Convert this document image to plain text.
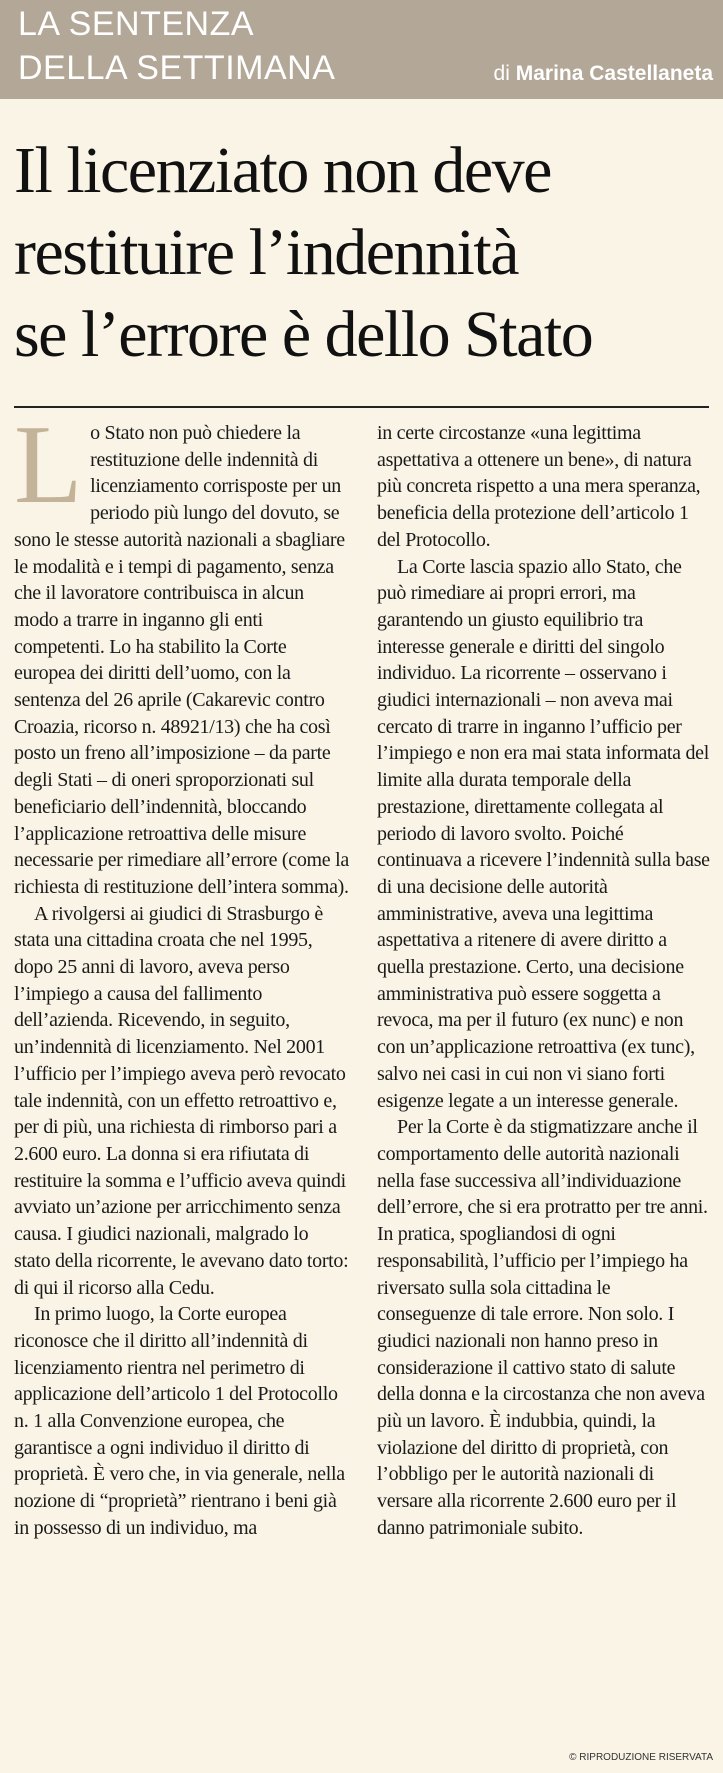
LA SENTENZA
DELLA SETTIMANA	di Marina Castellaneta
Il licenziato non deve
restituire l’indennità
se l’errore è dello Stato

Lo Stato non può chiedere la restituzione delle indennità di licenziamento corrisposte per un periodo più lungo del dovuto, se sono le stesse autorità nazionali a sbagliare le modalità e i tempi di pagamento, senza che il lavoratore contribuisca in alcun modo a trarre in inganno gli enti competenti. Lo ha stabilito la Corte europea dei diritti dell’uomo, con la sentenza del 26 aprile (Cakarevic contro Croazia, ricorso n. 48921/13) che ha così posto un freno all’imposizione – da parte degli Stati – di oneri sproporzionati sul beneficiario dell’indennità, bloccando l’applicazione retroattiva delle misure necessarie per rimediare all’errore (come la richiesta di restituzione dell’intera somma).

A rivolgersi ai giudici di Strasburgo è stata una cittadina croata che nel 1995, dopo 25 anni di lavoro, aveva perso l’impiego a causa del fallimento dell’azienda. Ricevendo, in seguito, un’indennità di licenziamento. Nel 2001 l’ufficio per l’impiego aveva però revocato tale indennità, con un effetto retroattivo e, per di più, una richiesta di rimborso pari a 2.600 euro. La donna si era rifiutata di restituire la somma e l’ufficio aveva quindi avviato un’azione per arricchimento senza causa. I giudici nazionali, malgrado lo stato della ricorrente, le avevano dato torto: di qui il ricorso alla Cedu.

In primo luogo, la Corte europea riconosce che il diritto all’indennità di licenziamento rientra nel perimetro di applicazione dell’articolo 1 del Protocollo n. 1 alla Convenzione europea, che garantisce a ogni individuo il diritto di proprietà. È vero che, in via generale, nella nozione di “proprietà” rientrano i beni già in possesso di un individuo, ma

in certe circostanze «una legittima aspettativa a ottenere un bene», di natura più concreta rispetto a una mera speranza, beneficia della protezione dell’articolo 1 del Protocollo.

La Corte lascia spazio allo Stato, che può rimediare ai propri errori, ma garantendo un giusto equilibrio tra interesse generale e diritti del singolo individuo. La ricorrente – osservano i giudici internazionali – non aveva mai cercato di trarre in inganno l’ufficio per l’impiego e non era mai stata informata del limite alla durata temporale della prestazione, direttamente collegata al periodo di lavoro svolto. Poiché continuava a ricevere l’indennità sulla base di una decisione delle autorità amministrative, aveva una legittima aspettativa a ritenere di avere diritto a quella prestazione. Certo, una decisione amministrativa può essere soggetta a revoca, ma per il futuro (ex nunc) e non con un’applicazione retroattiva (ex tunc), salvo nei casi in cui non vi siano forti esigenze legate a un interesse generale.

Per la Corte è da stigmatizzare anche il comportamento delle autorità nazionali nella fase successiva all’individuazione dell’errore, che si era protratto per tre anni. In pratica, spogliandosi di ogni responsabilità, l’ufficio per l’impiego ha riversato sulla sola cittadina le conseguenze di tale errore. Non solo. I giudici nazionali non hanno preso in considerazione il cattivo stato di salute della donna e la circostanza che non aveva più un lavoro. È indubbia, quindi, la violazione del diritto di proprietà, con l’obbligo per le autorità nazionali di versare alla ricorrente 2.600 euro per il danno patrimoniale subito.

© RIPRODUZIONE RISERVATA
